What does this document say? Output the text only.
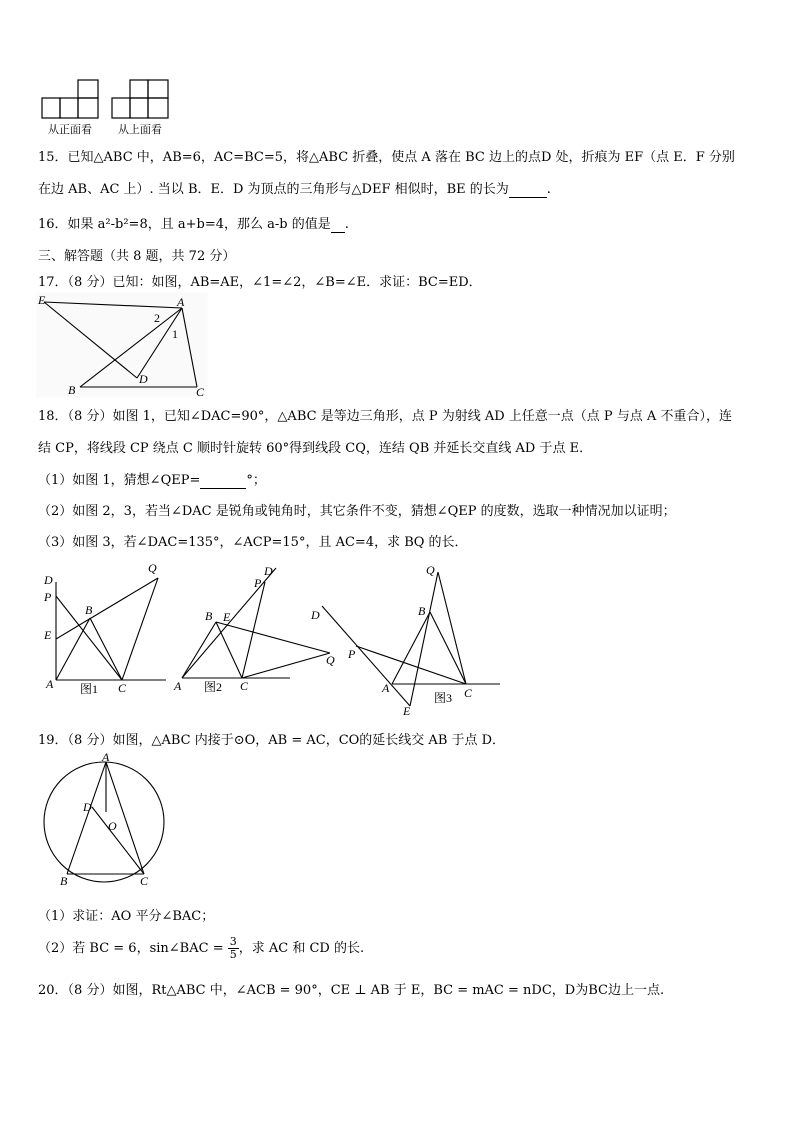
从正面看 从上面看
15．已知△ABC 中，AB=6，AC=BC=5，将△ABC 折叠，使点 A 落在 BC 边上的点D 处，折痕为 EF（点 E．F 分别
在边 AB、AC 上）. 当以 B．E．D 为顶点的三角形与△DEF 相似时，BE 的长为	.
16．如果 a²-b²=8，且 a+b=4，那么 a-b 的值是 .
三、解答题（共 8 题，共 72 分）
17．（8 分）已知：如图，AB=AE，∠1=∠2，∠B=∠E．求证：BC=ED．
E	A
2
1
B
D
C
18．（8 分）如图 1，已知∠DAC=90°，△ABC 是等边三角形，点 P 为射线 AD 上任意一点（点 P 与点 A 不重合），连
结 CP，将线段 CP 绕点 C 顺时针旋转 60°得到线段 CQ，连结 QB 并延长交直线 AD 于点 E．
（1）如图 1，猜想∠QEP=	°；
（2）如图 2，3，若当∠DAC 是锐角或钝角时，其它条件不变，猜想∠QEP 的度数，选取一种情况加以证明；
（3）如图 3，若∠DAC=135°，∠ACP=15°，且 AC=4，求 BQ 的长．
D
P
E
A
B
C
Q
图1
D
P
B E
A	C
Q
图2
Q
B
D
P
A	C
E
图3
19．（8 分）如图，△ABC 内接于⊙O，AB = AC，CO的延长线交 AB 于点 D．
A
D
O
B	C
（1）求证：AO 平分∠BAC；
（2）若 BC = 6，sin∠BAC = $\frac{3}{5}$ ，求 AC 和 CD 的长.
20．（8 分）如图，Rt△ABC 中，∠ACB = 90°，CE ⊥ AB 于 E，BC = mAC = nDC，D为BC边上一点.
